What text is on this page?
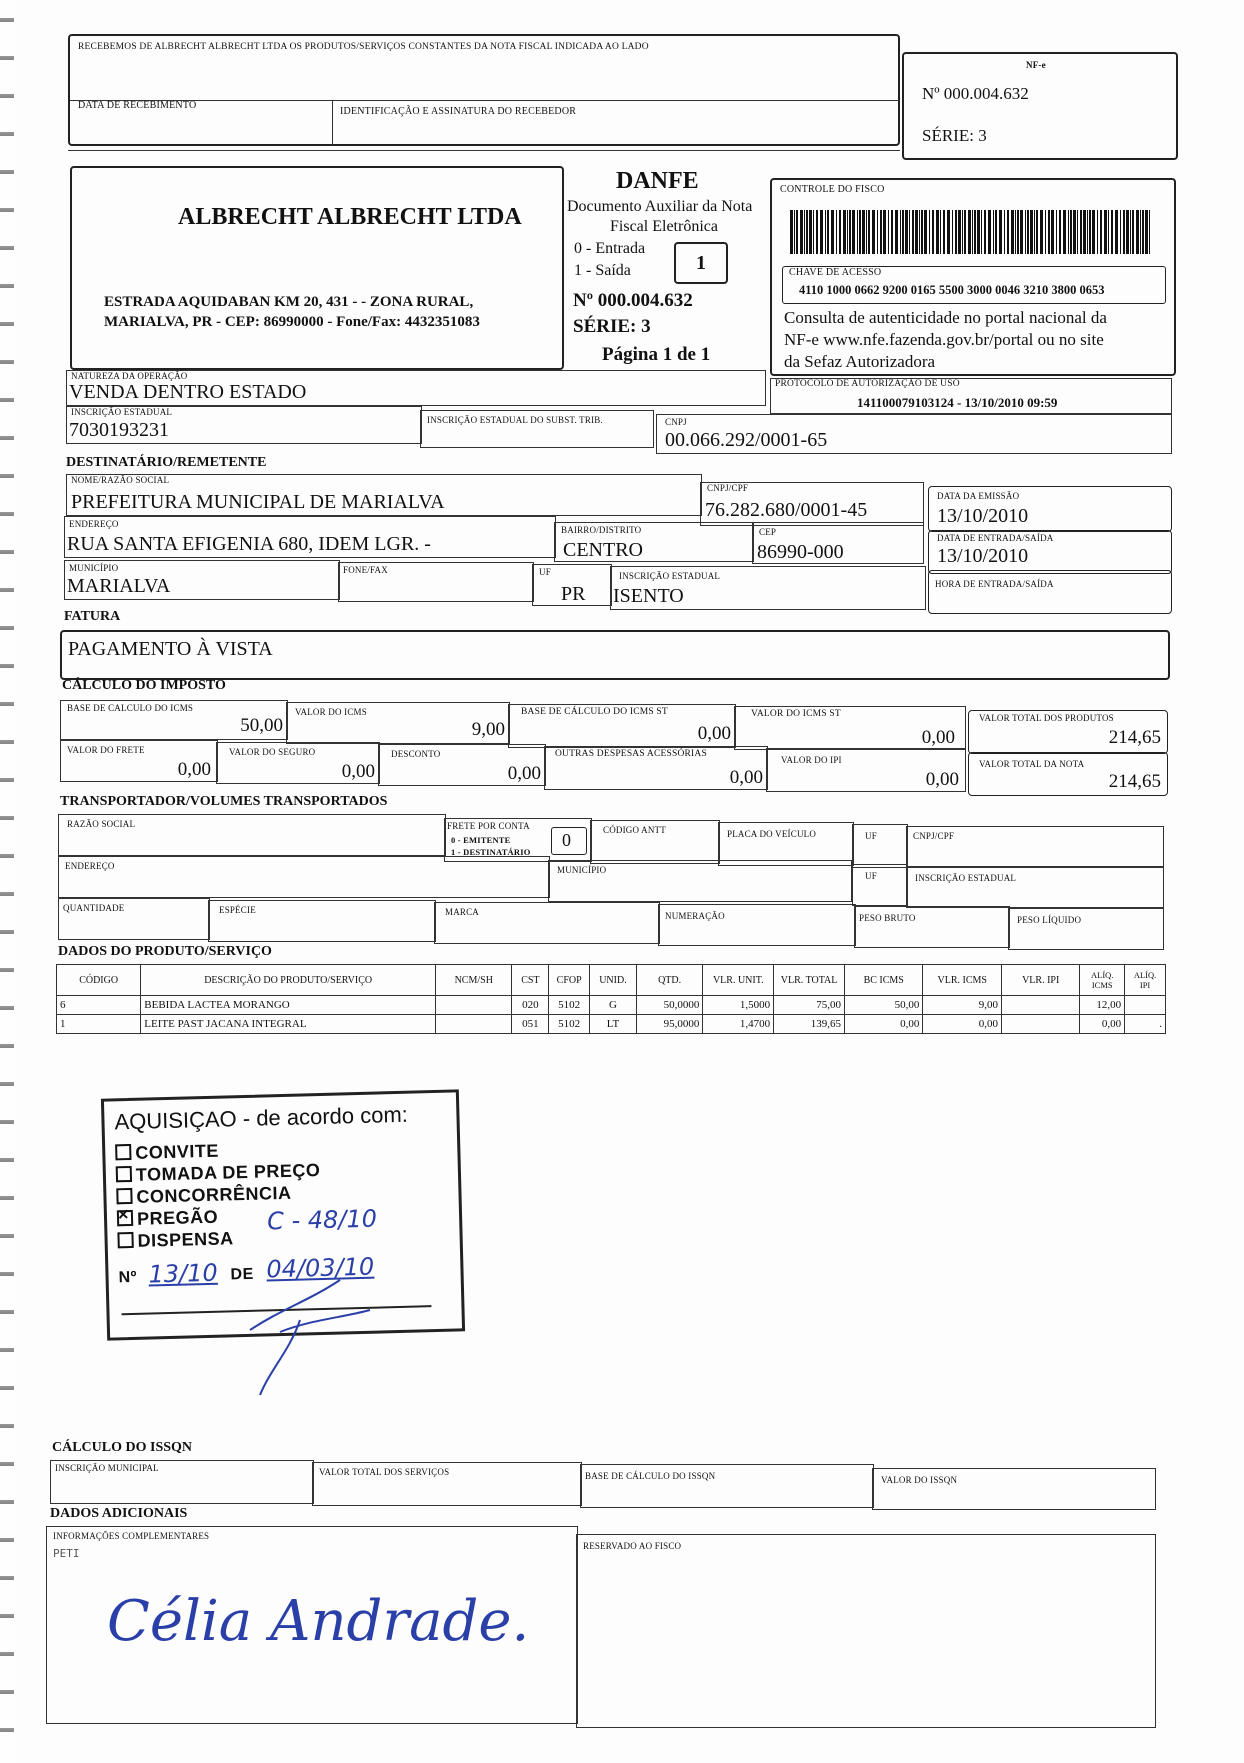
RECEBEMOS DE ALBRECHT ALBRECHT LTDA OS PRODUTOS/SERVIÇOS CONSTANTES DA NOTA FISCAL INDICADA AO LADO
DATA DE RECEBIMENTO
IDENTIFICAÇÃO E ASSINATURA DO RECEBEDOR
NF-e
Nº 000.004.632
SÉRIE: 3
ALBRECHT ALBRECHT LTDA
ESTRADA AQUIDABAN KM 20, 431 - - ZONA RURAL,
MARIALVA, PR - CEP: 86990000 - Fone/Fax: 4432351083
DANFE
Documento Auxiliar da Nota
Fiscal Eletrônica
0 - Entrada
1 - Saída	1
Nº 000.004.632
SÉRIE: 3
Página 1 de 1
CONTROLE DO FISCO
CHAVE DE ACESSO
4110 1000 0662 9200 0165 5500 3000 0046 3210 3800 0653
Consulta de autenticidade no portal nacional da
NF-e www.nfe.fazenda.gov.br/portal ou no site
da Sefaz Autorizadora
NATUREZA DA OPERAÇÃO
VENDA DENTRO ESTADO	PROTOCOLO DE AUTORIZAÇÃO DE USO
141100079103124 - 13/10/2010 09:59
INSCRIÇÃO ESTADUAL
7030193231	INSCRIÇÃO ESTADUAL DO SUBST. TRIB.	CNPJ
00.066.292/0001-65
DESTINATÁRIO/REMETENTE
NOME/RAZÃO SOCIAL
PREFEITURA MUNICIPAL DE MARIALVA
CNPJ/CPF
76.282.680/0001-45
DATA DA EMISSÃO
13/10/2010
ENDEREÇO
RUA SANTA EFIGENIA 680, IDEM LGR. -
BAIRRO/DISTRITO
CENTRO
CEP
86990-000
DATA DE ENTRADA/SAÍDA
13/10/2010
MUNICÍPIO
MARIALVA
FONE/FAX	UF
PR
INSCRIÇÃO ESTADUAL
ISENTO
HORA DE ENTRADA/SAÍDA
FATURA
PAGAMENTO À VISTA
CÁLCULO DO IMPOSTO
BASE DE CALCULO DO ICMS
50,00
VALOR DO ICMS
9,00
BASE DE CÁLCULO DO ICMS ST
0,00
VALOR DO ICMS ST
0,00
VALOR TOTAL DOS PRODUTOS
214,65
VALOR DO FRETE
0,00
VALOR DO SEGURO
0,00
DESCONTO
0,00
OUTRAS DESPESAS ACESSÓRIAS
0,00
VALOR DO IPI
0,00
VALOR TOTAL DA NOTA
214,65
TRANSPORTADOR/VOLUMES TRANSPORTADOS
RAZÃO SOCIAL	FRETE POR CONTA
0 - EMITENTE
1 - DESTINATÁRIO
0	CÓDIGO ANTT	PLACA DO VEÍCULO	UF	CNPJ/CPF
ENDEREÇO	MUNICÍPIO
UF	INSCRIÇÃO ESTADUAL
QUANTIDADE	ESPÉCIE	MARCA	NUMERAÇÃO	PESO BRUTO	PESO LÍQUIDO
DADOS DO PRODUTO/SERVIÇO
CÓDIGO	DESCRIÇÃO DO PRODUTO/SERVIÇO	NCM/SH	CST	CFOP	UNID.	QTD.	VLR. UNIT.	VLR. TOTAL	BC ICMS	VLR. ICMS	VLR. IPI	ALÍQ. ICMS	ALÍQ. IPI
6	BEBIDA LACTEA MORANGO		020	5102	G	50,0000	1,5000	75,00	50,00	9,00		12,00	
1	LEITE PAST JACANA INTEGRAL		051	5102	LT	95,0000	1,4700	139,65	0,00	0,00		0,00	.
AQUISIÇAO - de acordo com:
CONVITE
TOMADA DE PREÇO
CONCORRÊNCIA
×PREGÃO
DISPENSA
C - 48/10
Nº 13/10 DE 04/03/10
CÁLCULO DO ISSQN
INSCRIÇÃO MUNICIPAL	VALOR TOTAL DOS SERVIÇOS	BASE DE CÁLCULO DO ISSQN	VALOR DO ISSQN
DADOS ADICIONAIS
INFORMAÇÕES COMPLEMENTARES
PETI
Célia Andrade.
RESERVADO AO FISCO
